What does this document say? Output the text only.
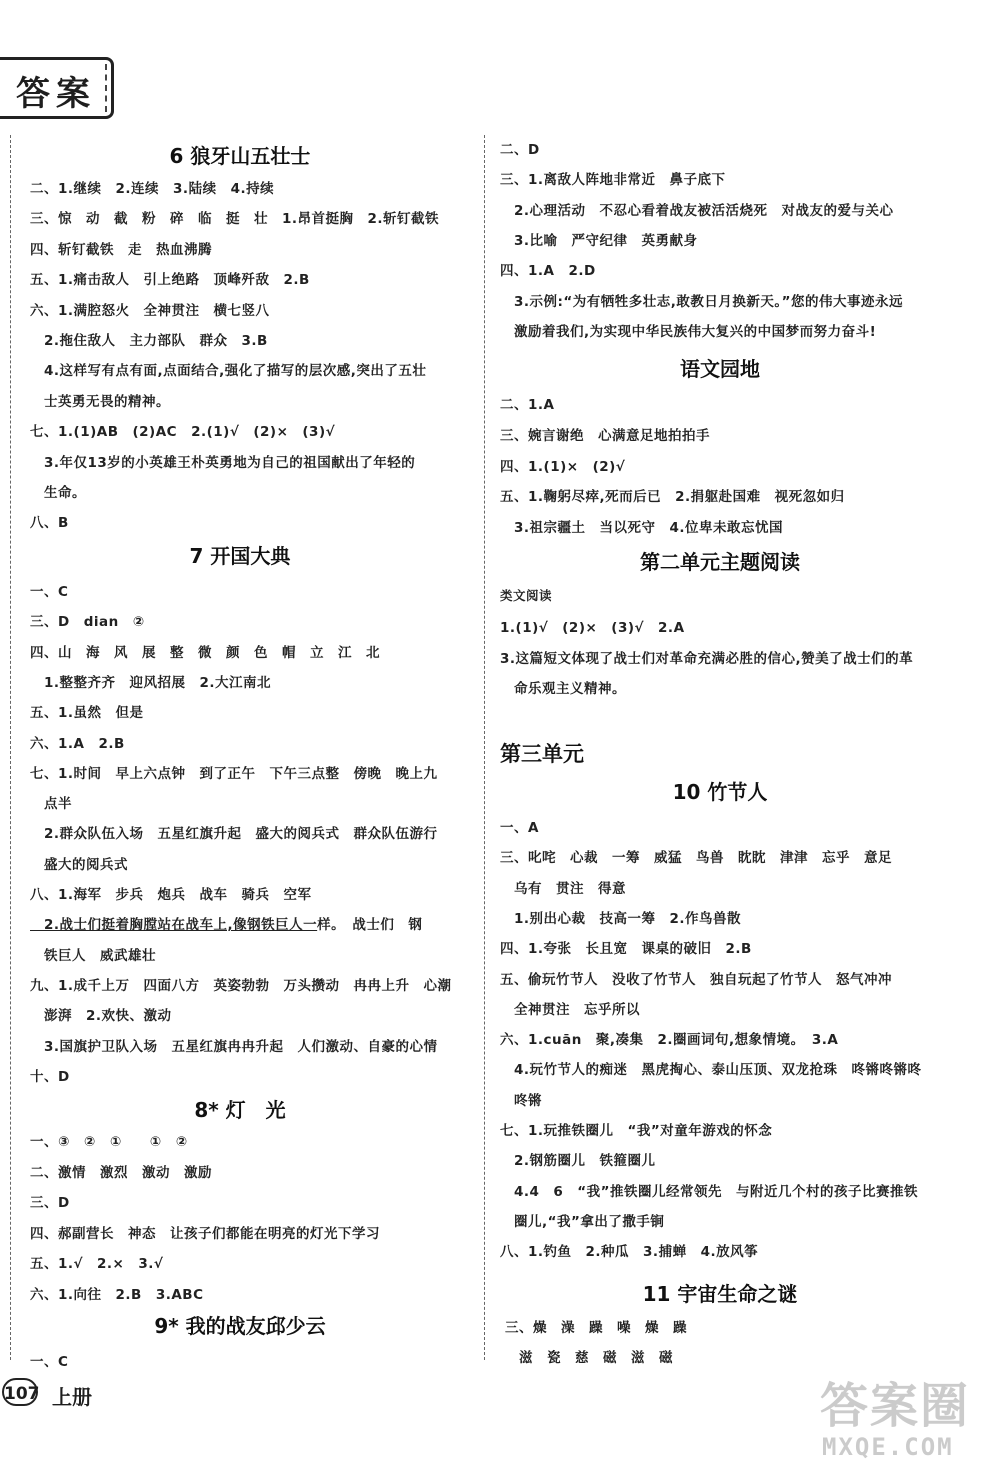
答案
6 狼牙山五壮士
二、1.继续　2.连续　3.陆续　4.持续
三、惊　动　截　粉　碎　临　挺　壮　1.昂首挺胸　2.斩钉截铁
四、斩钉截铁　走　热血沸腾
五、1.痛击敌人　引上绝路　顶峰歼敌　2.B
六、1.满腔怒火　全神贯注　横七竖八
　2.拖住敌人　主力部队　群众　3.B
　4.这样写有点有面,点面结合,强化了描写的层次感,突出了五壮
　士英勇无畏的精神。
七、1.(1)AB　(2)AC　2.(1)√　(2)×　(3)√
　3.年仅13岁的小英雄王朴英勇地为自己的祖国献出了年轻的
　生命。
八、B
7 开国大典
一、C
三、D　dian　②
四、山　海　风　展　整　微　颜　色　帽　立　江　北
　1.整整齐齐　迎风招展　2.大江南北
五、1.虽然　但是
六、1.A　2.B
七、1.时间　早上六点钟　到了正午　下午三点整　傍晚　晚上九
　点半
　2.群众队伍入场　五星红旗升起　盛大的阅兵式　群众队伍游行
　盛大的阅兵式
八、1.海军　步兵　炮兵　战车　骑兵　空军
　2.战士们挺着胸膛站在战车上,像钢铁巨人一样。　战士们　钢
　铁巨人　威武雄壮
九、1.成千上万　四面八方　英姿勃勃　万头攒动　冉冉上升　心潮
　澎湃　2.欢快、激动
　3.国旗护卫队入场　五星红旗冉冉升起　人们激动、自豪的心情
十、D
8* 灯　光
一、③　②　①　　①　②
二、激情　激烈　激动　激励
三、D
四、郝副营长　神态　让孩子们都能在明亮的灯光下学习
五、1.√　2.×　3.√
六、1.向往　2.B　3.ABC
9* 我的战友邱少云
一、C
二、D
三、1.离敌人阵地非常近　鼻子底下
　2.心理活动　不忍心看着战友被活活烧死　对战友的爱与关心
　3.比喻　严守纪律　英勇献身
四、1.A　2.D
　3.示例:“为有牺牲多壮志,敢教日月换新天。”您的伟大事迹永远
　激励着我们,为实现中华民族伟大复兴的中国梦而努力奋斗!
语文园地
二、1.A
三、婉言谢绝　心满意足地拍拍手
四、1.(1)×　(2)√
五、1.鞠躬尽瘁,死而后已　2.捐躯赴国难　视死忽如归
　3.祖宗疆土　当以死守　4.位卑未敢忘忧国
第二单元主题阅读
类文阅读
1.(1)√　(2)×　(3)√　2.A
3.这篇短文体现了战士们对革命充满必胜的信心,赞美了战士们的革
　命乐观主义精神。
第三单元
10 竹节人
一、A
三、叱咤　心裁　一筹　威猛　鸟兽　眈眈　津津　忘乎　意足
　乌有　贯注　得意
　1.别出心裁　技高一筹　2.作鸟兽散
四、1.夸张　长且宽　课桌的破旧　2.B
五、偷玩竹节人　没收了竹节人　独自玩起了竹节人　怒气冲冲
　全神贯注　忘乎所以
六、1.cuān　聚,凑集　2.圈画词句,想象情境。　3.A
　4.玩竹节人的痴迷　黑虎掏心、泰山压顶、双龙抢珠　咚锵咚锵咚
　咚锵
七、1.玩推铁圈儿　“我”对童年游戏的怀念
　2.钢筋圈儿　铁箍圈儿
　4.4　6　“我”推铁圈儿经常领先　与附近几个村的孩子比赛推铁
　圈儿,“我”拿出了撒手锏
八、1.钓鱼　2.种瓜　3.捕蝉　4.放风筝
11 宇宙生命之谜
三、燥　澡　躁　噪　燥　躁
　滋　瓷　慈　磁　滋　磁
107 上册	答案圈
MXQE.COM
